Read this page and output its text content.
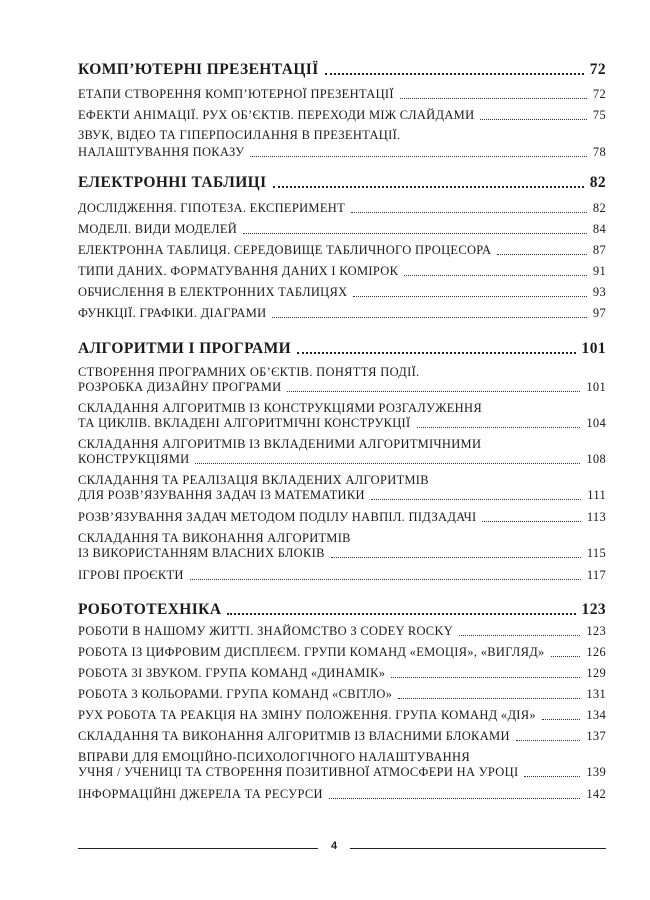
КОМП’ЮТЕРНІ ПРЕЗЕНТАЦІЇ	72
ЕТАПИ СТВОРЕННЯ КОМП’ЮТЕРНОЇ ПРЕЗЕНТАЦІЇ	72
ЕФЕКТИ АНІМАЦІЇ. РУХ ОБ’ЄКТІВ. ПЕРЕХОДИ МІЖ СЛАЙДАМИ	75
ЗВУК, ВІДЕО ТА ГІПЕРПОСИЛАННЯ В ПРЕЗЕНТАЦІЇ.
НАЛАШТУВАННЯ ПОКАЗУ	78
ЕЛЕКТРОННІ ТАБЛИЦІ	82
ДОСЛІДЖЕННЯ. ГІПОТЕЗА. ЕКСПЕРИМЕНТ	82
МОДЕЛІ. ВИДИ МОДЕЛЕЙ	84
ЕЛЕКТРОННА ТАБЛИЦЯ. СЕРЕДОВИЩЕ ТАБЛИЧНОГО ПРОЦЕСОРА	87
ТИПИ ДАНИХ. ФОРМАТУВАННЯ ДАНИХ І КОМІРОК	91
ОБЧИСЛЕННЯ В ЕЛЕКТРОННИХ ТАБЛИЦЯХ	93
ФУНКЦІЇ. ГРАФІКИ. ДІАГРАМИ	97
АЛГОРИТМИ І ПРОГРАМИ	101
СТВОРЕННЯ ПРОГРАМНИХ ОБ’ЄКТІВ. ПОНЯТТЯ ПОДІЇ.
РОЗРОБКА ДИЗАЙНУ ПРОГРАМИ	101
СКЛАДАННЯ АЛГОРИТМІВ ІЗ КОНСТРУКЦІЯМИ РОЗГАЛУЖЕННЯ
ТА ЦИКЛІВ. ВКЛАДЕНІ АЛГОРИТМІЧНІ КОНСТРУКЦІЇ	104
СКЛАДАННЯ АЛГОРИТМІВ ІЗ ВКЛАДЕНИМИ АЛГОРИТМІЧНИМИ
КОНСТРУКЦІЯМИ	108
СКЛАДАННЯ ТА РЕАЛІЗАЦІЯ ВКЛАДЕНИХ АЛГОРИТМІВ
ДЛЯ РОЗВ’ЯЗУВАННЯ ЗАДАЧ ІЗ МАТЕМАТИКИ	111
РОЗВ’ЯЗУВАННЯ ЗАДАЧ МЕТОДОМ ПОДІЛУ НАВПІЛ. ПІДЗАДАЧІ	113
СКЛАДАННЯ ТА ВИКОНАННЯ АЛГОРИТМІВ
ІЗ ВИКОРИСТАННЯМ ВЛАСНИХ БЛОКІВ	115
ІГРОВІ ПРОЄКТИ	117
РОБОТОТЕХНІКА	123
РОБОТИ В НАШОМУ ЖИТТІ. ЗНАЙОМСТВО З CODEY ROCKY	123
РОБОТА ІЗ ЦИФРОВИМ ДИСПЛЕЄМ. ГРУПИ КОМАНД «ЕМОЦІЯ», «ВИГЛЯД»	126
РОБОТА ЗІ ЗВУКОМ. ГРУПА КОМАНД «ДИНАМІК»	129
РОБОТА З КОЛЬОРАМИ. ГРУПА КОМАНД «СВІТЛО»	131
РУХ РОБОТА ТА РЕАКЦІЯ НА ЗМІНУ ПОЛОЖЕННЯ. ГРУПА КОМАНД «ДІЯ»	134
СКЛАДАННЯ ТА ВИКОНАННЯ АЛГОРИТМІВ ІЗ ВЛАСНИМИ БЛОКАМИ	137
ВПРАВИ ДЛЯ ЕМОЦІЙНО-ПСИХОЛОГІЧНОГО НАЛАШТУВАННЯ
УЧНЯ / УЧЕНИЦІ ТА СТВОРЕННЯ ПОЗИТИВНОЇ АТМОСФЕРИ НА УРОЦІ	139
ІНФОРМАЦІЙНІ ДЖЕРЕЛА ТА РЕСУРСИ	142
4
